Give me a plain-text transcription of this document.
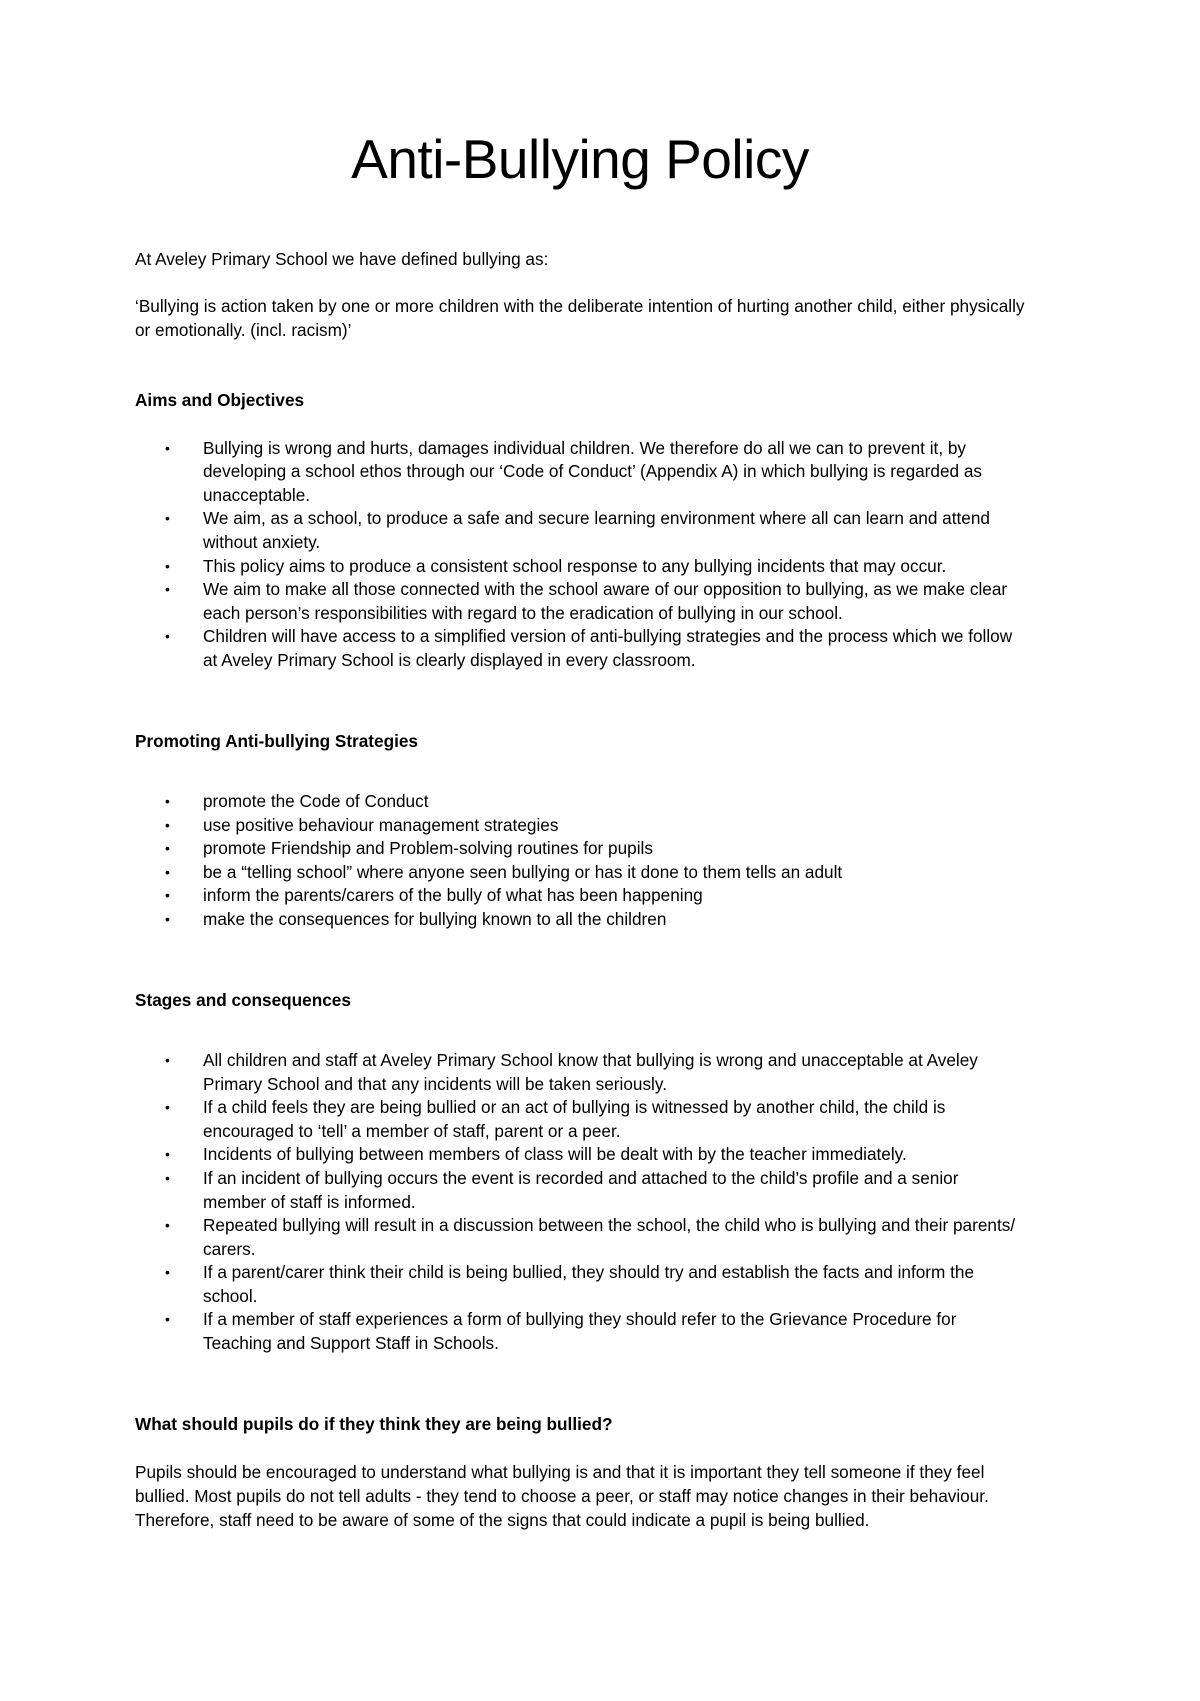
Anti-Bullying Policy

At Aveley Primary School we have defined bullying as:

‘Bullying is action taken by one or more children with the deliberate intention of hurting another child, either physically or emotionally. (incl. racism)’

Aims and Objectives
• Bullying is wrong and hurts, damages individual children. We therefore do all we can to prevent it, by developing a school ethos through our ‘Code of Conduct’ (Appendix A) in which bullying is regarded as unacceptable.
• We aim, as a school, to produce a safe and secure learning environment where all can learn and attend without anxiety.
• This policy aims to produce a consistent school response to any bullying incidents that may occur.
• We aim to make all those connected with the school aware of our opposition to bullying, as we make clear each person’s responsibilities with regard to the eradication of bullying in our school.
• Children will have access to a simplified version of anti-bullying strategies and the process which we follow at Aveley Primary School is clearly displayed in every classroom.
Promoting Anti-bullying Strategies
• promote the Code of Conduct
• use positive behaviour management strategies
• promote Friendship and Problem-solving routines for pupils
• be a “telling school” where anyone seen bullying or has it done to them tells an adult
• inform the parents/carers of the bully of what has been happening
• make the consequences for bullying known to all the children
Stages and consequences
• All children and staff at Aveley Primary School know that bullying is wrong and unacceptable at Aveley Primary School and that any incidents will be taken seriously.
• If a child feels they are being bullied or an act of bullying is witnessed by another child, the child is encouraged to ‘tell’ a member of staff, parent or a peer.
• Incidents of bullying between members of class will be dealt with by the teacher immediately.
• If an incident of bullying occurs the event is recorded and attached to the child’s profile and a senior member of staff is informed.
• Repeated bullying will result in a discussion between the school, the child who is bullying and their parents/ carers.
• If a parent/carer think their child is being bullied, they should try and establish the facts and inform the school.
• If a member of staff experiences a form of bullying they should refer to the Grievance Procedure for Teaching and Support Staff in Schools.
What should pupils do if they think they are being bullied?

Pupils should be encouraged to understand what bullying is and that it is important they tell someone if they feel bullied. Most pupils do not tell adults - they tend to choose a peer, or staff may notice changes in their behaviour. Therefore, staff need to be aware of some of the signs that could indicate a pupil is being bullied.
